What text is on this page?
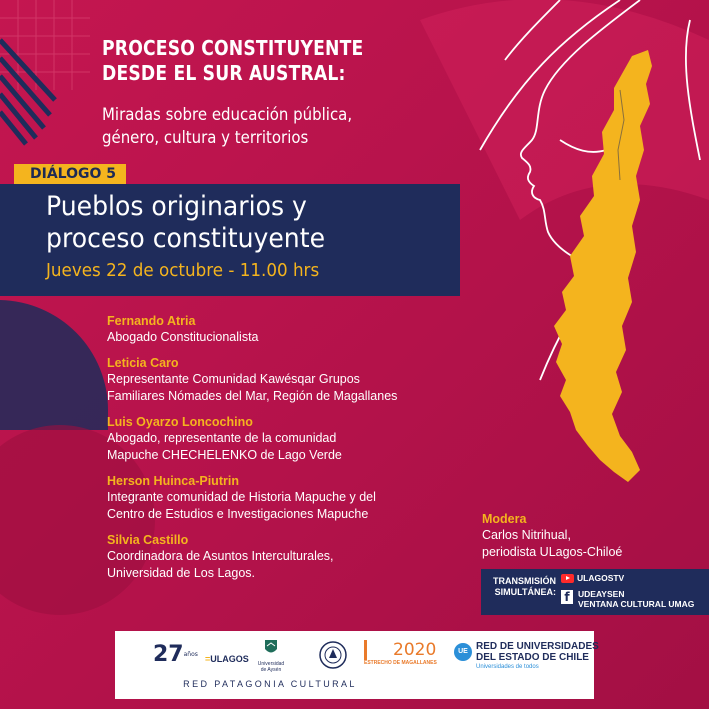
PROCESO CONSTITUYENTE
DESDE EL SUR AUSTRAL:
Miradas sobre educación pública,
género, cultura y territorios
DIÁLOGO 5
Pueblos originarios y
proceso constituyente
Jueves 22 de octubre - 11.00 hrs
Fernando Atria
Abogado Constitucionalista
Leticia Caro
Representante Comunidad Kawésqar Grupos
Familiares Nómades del Mar, Región de Magallanes
Luis Oyarzo Loncochino
Abogado, representante de la comunidad
Mapuche CHECHELENKO de Lago Verde
Herson Huinca-Piutrin
Integrante comunidad de Historia Mapuche y del
Centro de Estudios e Investigaciones Mapuche
Silvia Castillo
Coordinadora de Asuntos Interculturales,
Universidad de Los Lagos.
Modera
Carlos Nitrihual,
periodista ULagos-Chiloé
TRANSMISIÓN
SIMULTÁNEA:
ULAGOSTV
f UDEAYSEN
VENTANA CULTURAL UMAG
27años =ULAGOS	Universidad
de Aysén
2020
ESTRECHO DE MAGALLANES
UE RED DE UNIVERSIDADES
DEL ESTADO DE CHILE
Universidades de todos
RED PATAGONIA CULTURAL
